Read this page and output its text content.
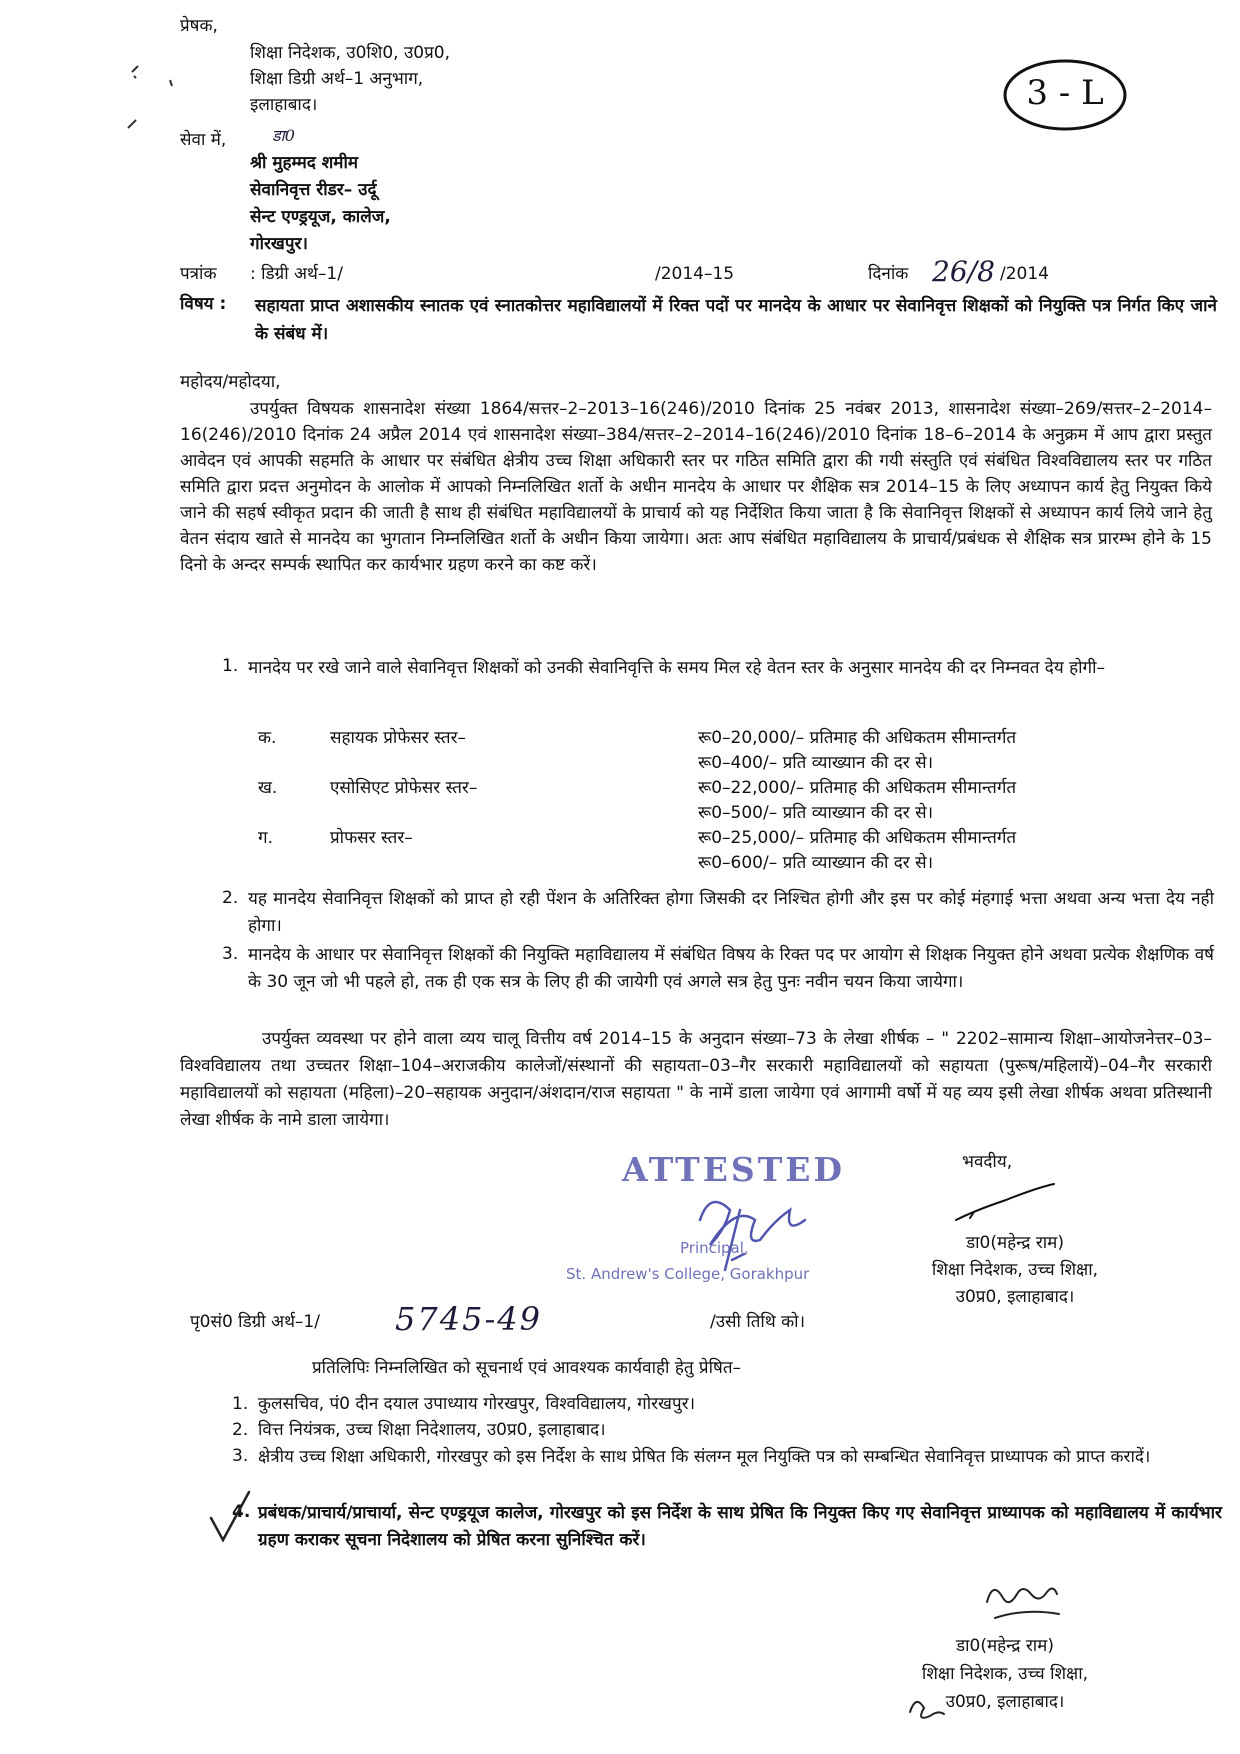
प्रेषक,
शिक्षा निदेशक, उ0शि0, उ0प्र0,
शिक्षा डिग्री अर्थ–1 अनुभाग,
इलाहाबाद।	3 - L
सेवा में,	डा0
श्री मुहम्मद शमीम
सेवानिवृत्त रीडर– उर्दू
सेन्ट एण्ड्रयूज, कालेज,
गोरखपुर।
पत्रांक : डिग्री अर्थ–1/	/2014–15	दिनांक 26/8 /2014
विषय : सहायता प्राप्त अशासकीय स्नातक एवं स्नातकोत्तर महाविद्यालयों में रिक्त पदों पर मानदेय के आधार पर सेवानिवृत्त शिक्षकों को नियुक्ति पत्र निर्गत किए जाने के संबंध में।
महोदय/महोदया,
उपर्युक्त विषयक शासनादेश संख्या 1864/सत्तर–2–2013–16(246)/2010 दिनांक 25 नवंबर 2013, शासनादेश संख्या–269/सत्तर–2–2014–16(246)/2010 दिनांक 24 अप्रैल 2014 एवं शासनादेश संख्या–384/सत्तर–2–2014–16(246)/2010 दिनांक 18–6–2014 के अनुक्रम में आप द्वारा प्रस्तुत आवेदन एवं आपकी सहमति के आधार पर संबंधित क्षेत्रीय उच्च शिक्षा अधिकारी स्तर पर गठित समिति द्वारा की गयी संस्तुति एवं संबंधित विश्वविद्यालय स्तर पर गठित समिति द्वारा प्रदत्त अनुमोदन के आलोक में आपको निम्नलिखित शर्तो के अधीन मानदेय के आधार पर शैक्षिक सत्र 2014–15 के लिए अध्यापन कार्य हेतु नियुक्त किये जाने की सहर्ष स्वीकृत प्रदान की जाती है साथ ही संबंधित महाविद्यालयों के प्राचार्य को यह निर्देशित किया जाता है कि सेवानिवृत्त शिक्षकों से अध्यापन कार्य लिये जाने हेतु वेतन संदाय खाते से मानदेय का भुगतान निम्नलिखित शर्तो के अधीन किया जायेगा। अतः आप संबंधित महाविद्यालय के प्राचार्य/प्रबंधक से शैक्षिक सत्र प्रारम्भ होने के 15 दिनो के अन्दर सम्पर्क स्थापित कर कार्यभार ग्रहण करने का कष्ट करें।
1. मानदेय पर रखे जाने वाले सेवानिवृत्त शिक्षकों को उनकी सेवानिवृत्ति के समय मिल रहे वेतन स्तर के अनुसार मानदेय की दर निम्नवत देय होगी–
क.	सहायक प्रोफेसर स्तर–	रू0–20,000/– प्रतिमाह की अधिकतम सीमान्तर्गत
रू0–400/– प्रति व्याख्यान की दर से।

ख.	एसोसिएट प्रोफेसर स्तर–	रू0–22,000/– प्रतिमाह की अधिकतम सीमान्तर्गत
रू0–500/– प्रति व्याख्यान की दर से।

ग.	प्रोफसर स्तर–	रू0–25,000/– प्रतिमाह की अधिकतम सीमान्तर्गत
रू0–600/– प्रति व्याख्यान की दर से।
2. यह मानदेय सेवानिवृत्त शिक्षकों को प्राप्त हो रही पेंशन के अतिरिक्त होगा जिसकी दर निश्चित होगी और इस पर कोई मंहगाई भत्ता अथवा अन्य भत्ता देय नही होगा।
3. मानदेय के आधार पर सेवानिवृत्त शिक्षकों की नियुक्ति महाविद्यालय में संबंधित विषय के रिक्त पद पर आयोग से शिक्षक नियुक्त होने अथवा प्रत्येक शैक्षणिक वर्ष के 30 जून जो भी पहले हो, तक ही एक सत्र के लिए ही की जायेगी एवं अगले सत्र हेतु पुनः नवीन चयन किया जायेगा।
उपर्युक्त व्यवस्था पर होने वाला व्यय चालू वित्तीय वर्ष 2014–15 के अनुदान संख्या–73 के लेखा शीर्षक – " 2202–सामान्य शिक्षा–आयोजनेत्तर–03–विश्वविद्यालय तथा उच्चतर शिक्षा–104–अराजकीय कालेजों/संस्थानों की सहायता–03–गैर सरकारी महाविद्यालयों को सहायता (पुरूष/महिलायें)–04–गैर सरकारी महाविद्यालयों को सहायता (महिला)–20–सहायक अनुदान/अंशदान/राज सहायता " के नामें डाला जायेगा एवं आगामी वर्षो में यह व्यय इसी लेखा शीर्षक अथवा प्रतिस्थानी लेखा शीर्षक के नामे डाला जायेगा।
ATTESTED
Principal,
St. Andrew's College, Gorakhpur
भवदीय,
डा0(महेन्द्र राम)
शिक्षा निदेशक, उच्च शिक्षा,
उ0प्र0, इलाहाबाद।
पृ0सं0 डिग्री अर्थ–1/ 5745-49	/उसी तिथि को।
प्रतिलिपिः निम्नलिखित को सूचनार्थ एवं आवश्यक कार्यवाही हेतु प्रेषित–
1. कुलसचिव, पं0 दीन दयाल उपाध्याय गोरखपुर, विश्वविद्यालय, गोरखपुर।
2. वित्त नियंत्रक, उच्च शिक्षा निदेशालय, उ0प्र0, इलाहाबाद।
3. क्षेत्रीय उच्च शिक्षा अधिकारी, गोरखपुर को इस निर्देश के साथ प्रेषित कि संलग्न मूल नियुक्ति पत्र को सम्बन्धित सेवानिवृत्त प्राध्यापक को प्राप्त करादें।
4. प्रबंधक/प्राचार्य/प्राचार्या, सेन्ट एण्ड्रयूज कालेज, गोरखपुर को इस निर्देश के साथ प्रेषित कि नियुक्त किए गए सेवानिवृत्त प्राध्यापक को महाविद्यालय में कार्यभार ग्रहण कराकर सूचना निदेशालय को प्रेषित करना सुनिश्चित करें।
डा0(महेन्द्र राम)
शिक्षा निदेशक, उच्च शिक्षा,
उ0प्र0, इलाहाबाद।
